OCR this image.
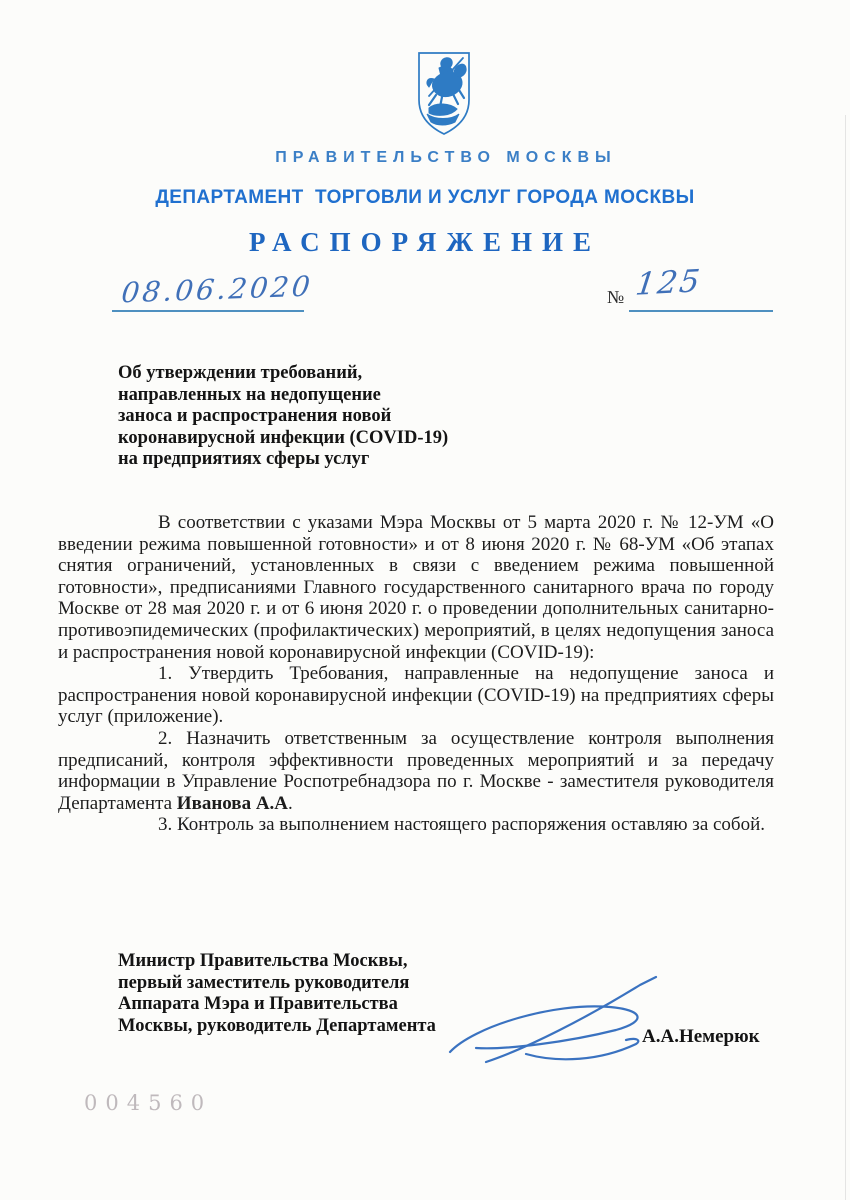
ПРАВИТЕЛЬСТВО МОСКВЫ
ДЕПАРТАМЕНТ  ТОРГОВЛИ И УСЛУГ ГОРОДА МОСКВЫ
РАСПОРЯЖЕНИЕ
08.06.2020	№ 125
Об утверждении требований,
направленных на недопущение
заноса и распространения новой
коронавирусной инфекции (COVID-19)
на предприятиях сферы услуг

В соответствии с указами Мэра Москвы от 5 марта 2020 г. № 12-УМ «О введении режима повышенной готовности» и от 8 июня 2020 г. № 68-УМ «Об этапах снятия ограничений, установленных в связи с введением режима повышенной готовности», предписаниями Главного государственного санитарного врача по городу Москве от 28 мая 2020 г. и от 6 июня 2020 г. о проведении дополнительных санитарно-противоэпидемических (профилактических) мероприятий, в целях недопущения заноса и распространения новой коронавирусной инфекции (COVID-19):

1. Утвердить Требования, направленные на недопущение заноса и распространения новой коронавирусной инфекции (COVID-19) на предприятиях сферы услуг (приложение).

2. Назначить ответственным за осуществление контроля выполнения предписаний, контроля эффективности проведенных мероприятий и за передачу информации в Управление Роспотребнадзора по г. Москве - заместителя руководителя Департамента Иванова А.А.

3. Контроль за выполнением настоящего распоряжения оставляю за собой.

Министр Правительства Москвы,
первый заместитель руководителя
Аппарата Мэра и Правительства
Москвы, руководитель Департамента
А.А.Немерюк
004560
